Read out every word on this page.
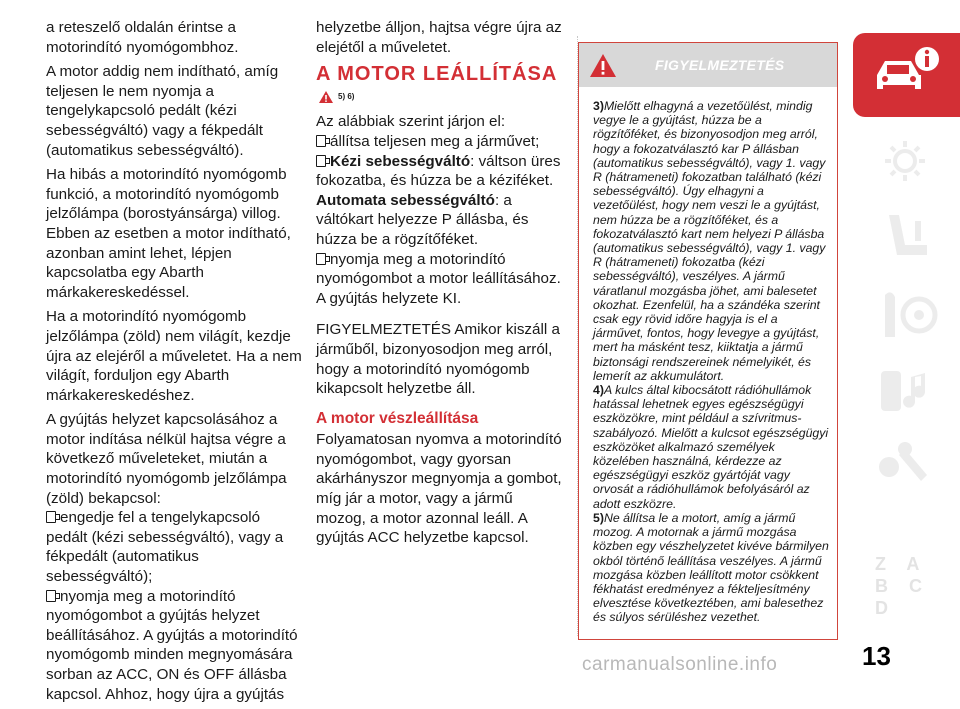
a reteszelő oldalán érintse a motorindító nyomógombhoz.

A motor addig nem indítható, amíg teljesen le nem nyomja a tengelykapcsoló pedált (kézi sebességváltó) vagy a fékpedált (automatikus sebességváltó).

Ha hibás a motorindító nyomógomb funkció, a motorindító nyomógomb jelzőlámpa (borostyánsárga) villog. Ebben az esetben a motor indítható, azonban amint lehet, lépjen kapcsolatba egy Abarth márkakereskedéssel.

Ha a motorindító nyomógomb jelzőlámpa (zöld) nem világít, kezdje újra az elejéről a műveletet. Ha a nem világít, forduljon egy Abarth márkakereskedéshez.

A gyújtás helyzet kapcsolásához a motor indítása nélkül hajtsa végre a következő műveleteket, miután a motorindító nyomógomb jelzőlámpa (zöld) bekapcsol:

engedje fel a tengelykapcsoló pedált (kézi sebességváltó), vagy a fékpedált (automatikus sebességváltó);

nyomja meg a motorindító nyomógombot a gyújtás helyzet beállításához. A gyújtás a motorindító nyomógomb minden megnyomására sorban az ACC, ON és OFF állásba kapcsol. Ahhoz, hogy újra a gyújtás

helyzetbe álljon, hajtsa végre újra az elejétől a műveletet.

A MOTOR LEÁLLÍTÁSA

5) 6)

Az alábbiak szerint járjon el:

állítsa teljesen meg a járművet;

Kézi sebességváltó: váltson üres fokozatba, és húzza be a kéziféket.

Automata sebességváltó: a váltókart helyezze P állásba, és húzza be a rögzítőféket.

nyomja meg a motorindító nyomógombot a motor leállításához. A gyújtás helyzete KI.

FIGYELMEZTETÉS Amikor kiszáll a járműből, bizonyosodjon meg arról, hogy a motorindító nyomógomb kikapcsolt helyzetbe áll.

A motor vészleállítása

Folyamatosan nyomva a motorindító nyomógombot, vagy gyorsan akárhányszor megnyomja a gombot, míg jár a motor, vagy a jármű mozog, a motor azonnal leáll. A gyújtás ACC helyzetbe kapcsol.

FIGYELMEZTETÉS
3)Mielőtt elhagyná a vezetőülést, mindig vegye le a gyújtást, húzza be a rögzítőféket, és bizonyosodjon meg arról, hogy a fokozatválasztó kar P állásban (automatikus sebességváltó), vagy 1. vagy R (hátrameneti) fokozatban található (kézi sebességváltó). Úgy elhagyni a vezetőülést, hogy nem veszi le a gyújtást, nem húzza be a rögzítőféket, és a fokozatválasztó kart nem helyezi P állásba (automatikus sebességváltó), vagy 1. vagy R (hátrameneti) fokozatba (kézi sebességváltó), veszélyes. A jármű váratlanul mozgásba jöhet, ami balesetet okozhat. Ezenfelül, ha a szándéka szerint csak egy rövid időre hagyja is el a járművet, fontos, hogy levegye a gyújtást, mert ha másként tesz, kiiktatja a jármű biztonsági rendszereinek némelyikét, és lemerít az akkumulátort.
4)A kulcs által kibocsátott rádióhullámok hatással lehetnek egyes egészségügyi eszközökre, mint például a szívritmus-szabályozó. Mielőtt a kulcsot egészségügyi eszközöket alkalmazó személyek közelében használná, kérdezze az egészségügyi eszköz gyártóját vagy orvosát a rádióhullámok befolyásáról az adott eszközre.
5)Ne állítsa le a motort, amíg a jármű mozog. A motornak a jármű mozgása közben egy vészhelyzetet kivéve bármilyen okból történő leállítása veszélyes. A jármű mozgása közben leállított motor csökkent fékhatást eredményez a fékteljesítmény elvesztése következtében, ami balesethez és súlyos sérüléshez vezethet.
Z A B C D
13
carmanualsonline.info
